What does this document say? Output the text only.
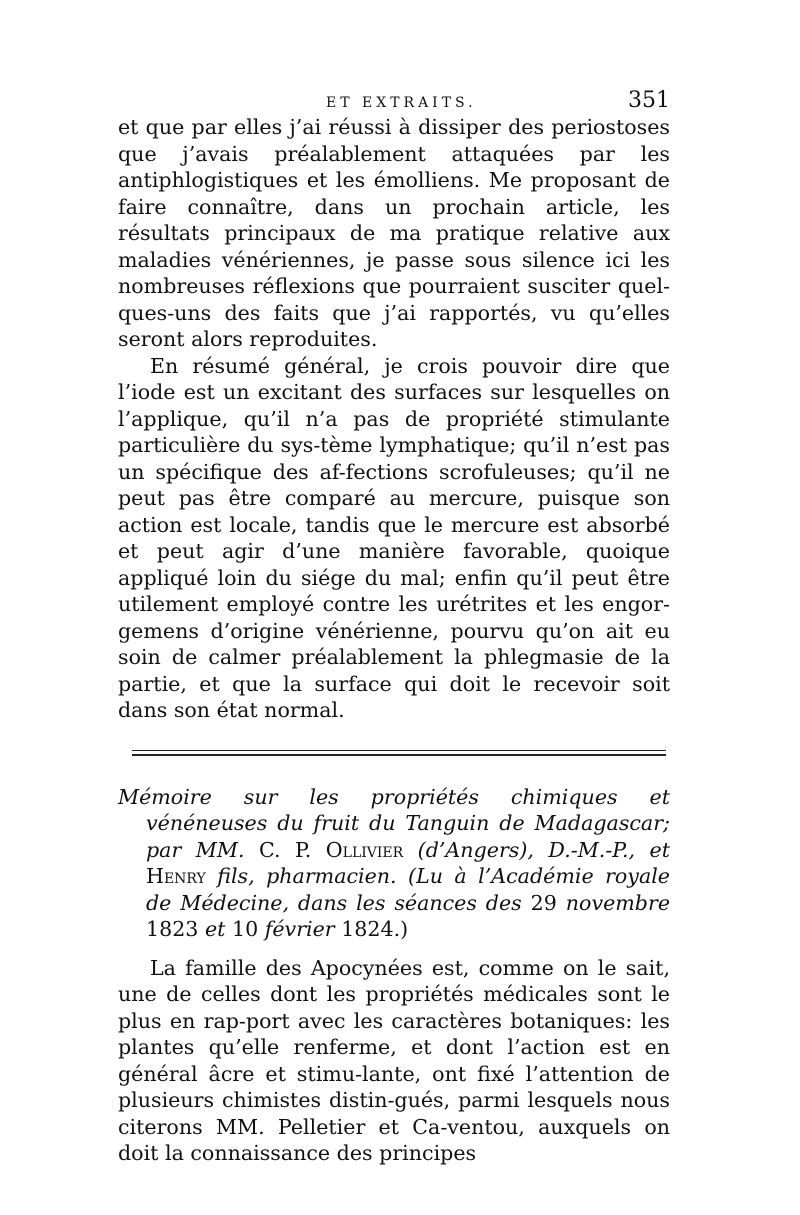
ET EXTRAITS.	351

et que par elles j’ai réussi à dissiper des periostoses que j’avais préalablement attaquées par les antiphlogistiques et les émolliens. Me proposant de faire connaître, dans un prochain article, les résultats principaux de ma pratique relative aux maladies vénériennes, je passe sous silence ici les nombreuses réflexions que pourraient susciter quel-ques-uns des faits que j’ai rapportés, vu qu’elles seront alors reproduites.

En résumé général, je crois pouvoir dire que l’iode est un excitant des surfaces sur lesquelles on l’applique, qu’il n’a pas de propriété stimulante particulière du sys-tème lymphatique; qu’il n’est pas un spécifique des af-fections scrofuleuses; qu’il ne peut pas être comparé au mercure, puisque son action est locale, tandis que le mercure est absorbé et peut agir d’une manière favorable, quoique appliqué loin du siége du mal; enfin qu’il peut être utilement employé contre les urétrites et les engor-gemens d’origine vénérienne, pourvu qu’on ait eu soin de calmer préalablement la phlegmasie de la partie, et que la surface qui doit le recevoir soit dans son état normal.

Mémoire sur les propriétés chimiques et vénéneuses du fruit du Tanguin de Madagascar; par MM. C. P. Ollivier (d’Angers), D.-M.-P., et Henry fils, pharmacien. (Lu à l’Académie royale de Médecine, dans les séances des 29 novembre 1823 et 10 février 1824.)

La famille des Apocynées est, comme on le sait, une de celles dont les propriétés médicales sont le plus en rap-port avec les caractères botaniques: les plantes qu’elle renferme, et dont l’action est en général âcre et stimu-lante, ont fixé l’attention de plusieurs chimistes distin-gués, parmi lesquels nous citerons MM. Pelletier et Ca-ventou, auxquels on doit la connaissance des principes
